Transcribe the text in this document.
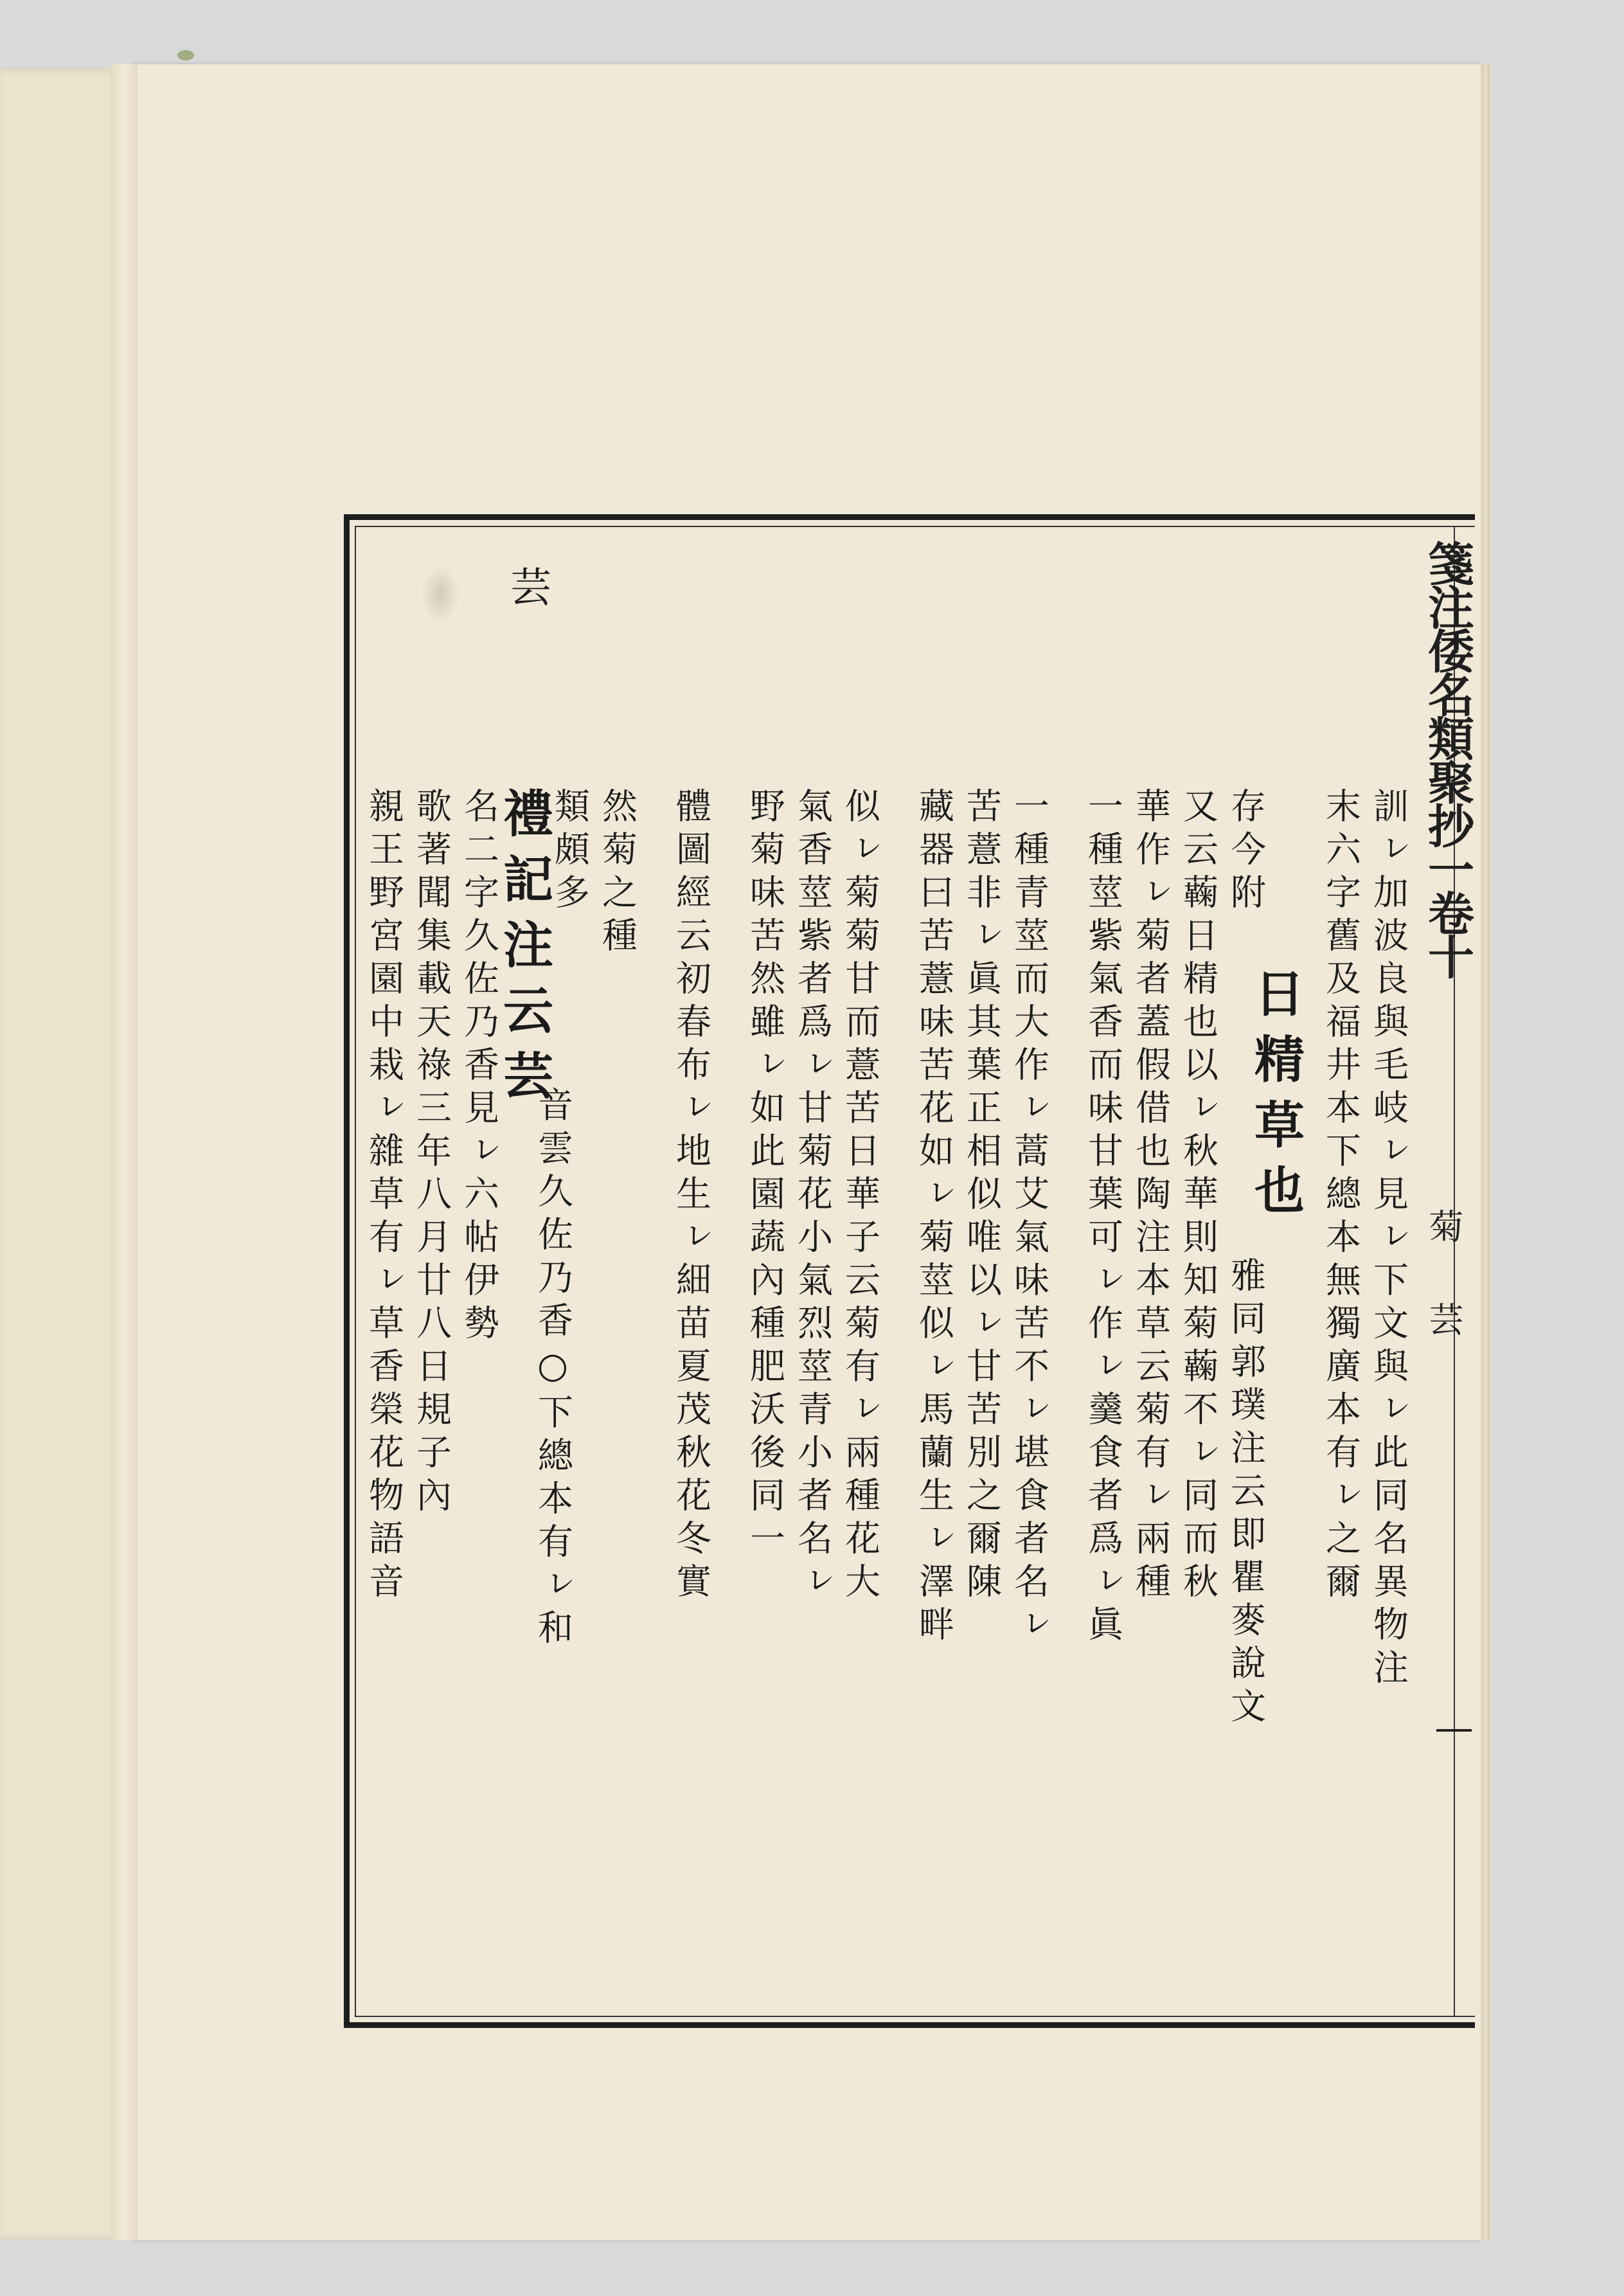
箋注倭名類聚抄一卷十
菊 芸
訓ㇾ加波良與毛岐ㇾ見ㇾ下文與ㇾ此同名異物注
末六字舊及福井本下總本無獨廣本有ㇾ之爾
存今附
日精草也
雅同郭璞注云即瞿麥說文
又云蘜日精也以ㇾ秋華則知菊蘜不ㇾ同而秋
華作ㇾ菊者蓋假借也陶注本草云菊有ㇾ兩種
一種莖紫氣香而味甘葉可ㇾ作ㇾ羹食者爲ㇾ眞
一種青莖而大作ㇾ蒿艾氣味苦不ㇾ堪食者名ㇾ
苦薏非ㇾ眞其葉正相似唯以ㇾ甘苦別之爾陳
藏器曰苦薏味苦花如ㇾ菊莖似ㇾ馬蘭生ㇾ澤畔
似ㇾ菊菊甘而薏苦日華子云菊有ㇾ兩種花大
氣香莖紫者爲ㇾ甘菊花小氣烈莖青小者名ㇾ
野菊味苦然雖ㇾ如此園蔬內種肥沃後同一
體圖經云初春布ㇾ地生ㇾ細苗夏茂秋花冬實
然菊之種
類頗多
芸
禮記注云芸
音雲久佐乃香○下總本有ㇾ和
名二字久佐乃香見ㇾ六帖伊勢
歌著聞集載天祿三年八月廿八日規子內
親王野宮園中栽ㇾ雜草有ㇾ草香榮花物語音
